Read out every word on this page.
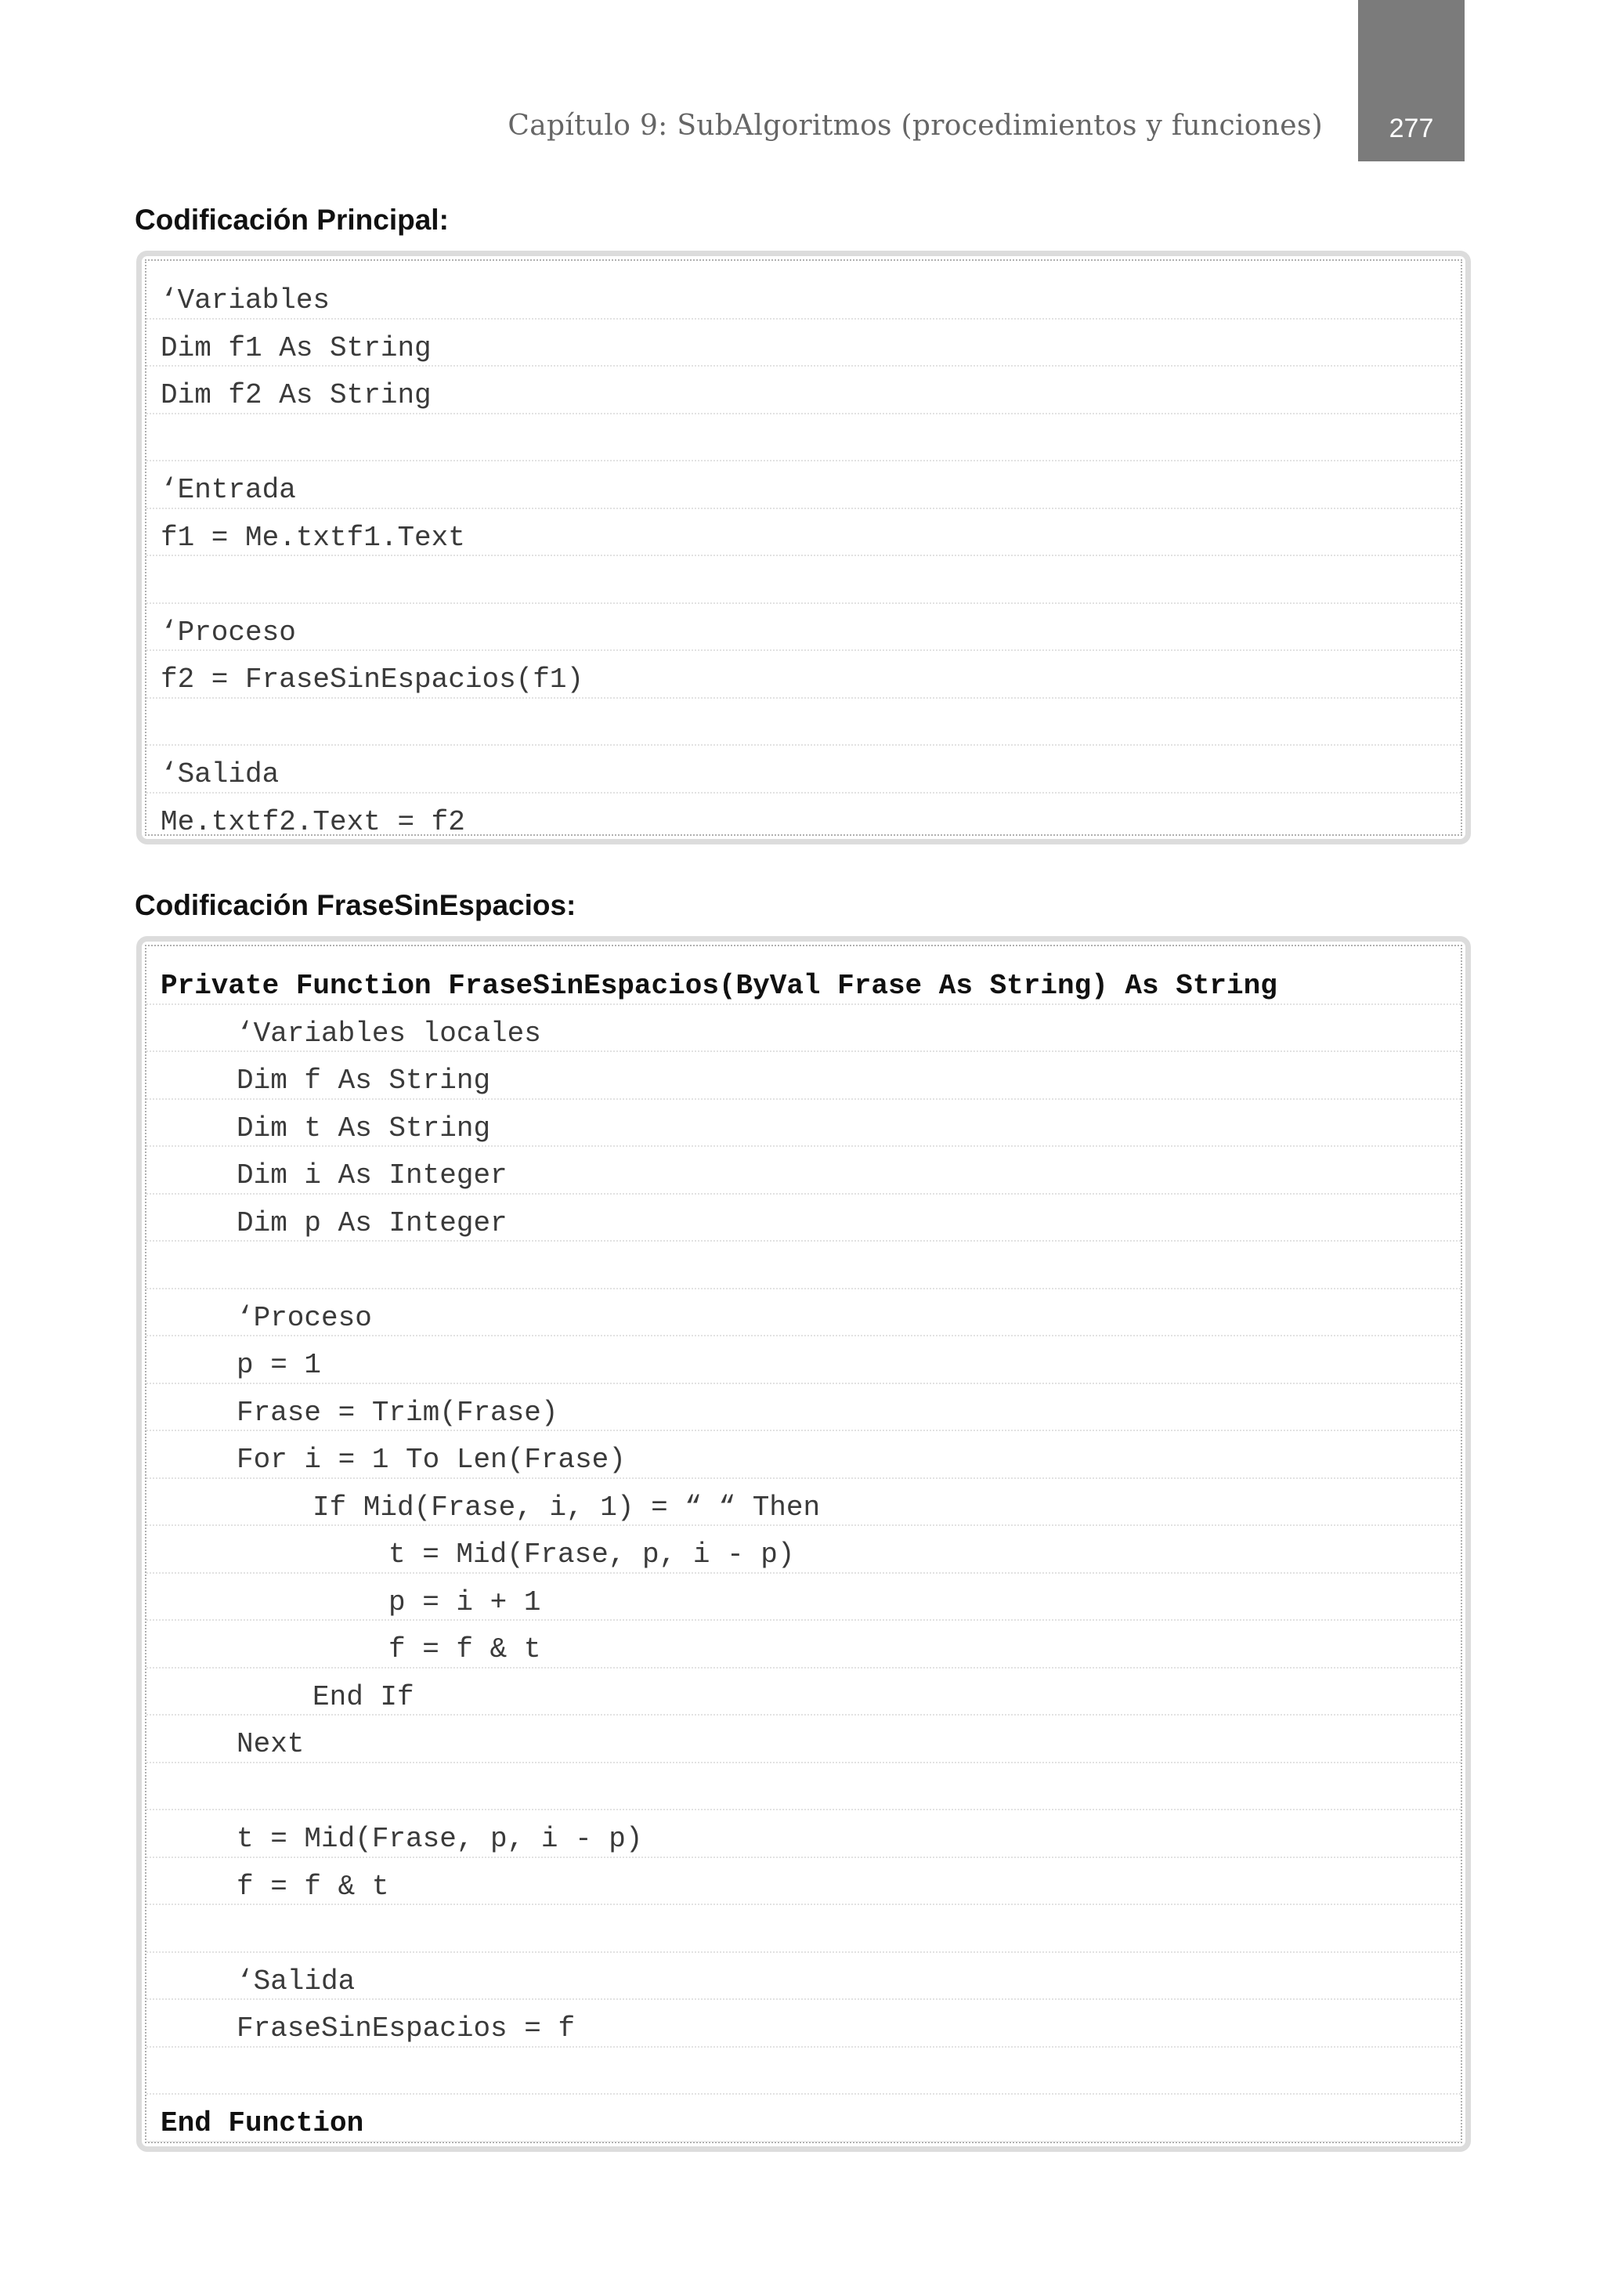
277
Capítulo 9: SubAlgoritmos (procedimientos y funciones)
Codificación Principal:
‘Variables
Dim f1 As String
Dim f2 As String
‘Entrada
f1 = Me.txtf1.Text
‘Proceso
f2 = FraseSinEspacios(f1)
‘Salida
Me.txtf2.Text = f2
Codificación FraseSinEspacios:
Private Function FraseSinEspacios(ByVal Frase As String) As String
‘Variables locales
Dim f As String
Dim t As String
Dim i As Integer
Dim p As Integer
‘Proceso
p = 1
Frase = Trim(Frase)
For i = 1 To Len(Frase)
If Mid(Frase, i, 1) = “ “ Then
t = Mid(Frase, p, i - p)
p = i + 1
f = f & t
End If
Next
t = Mid(Frase, p, i - p)
f = f & t
‘Salida
FraseSinEspacios = f
End Function
